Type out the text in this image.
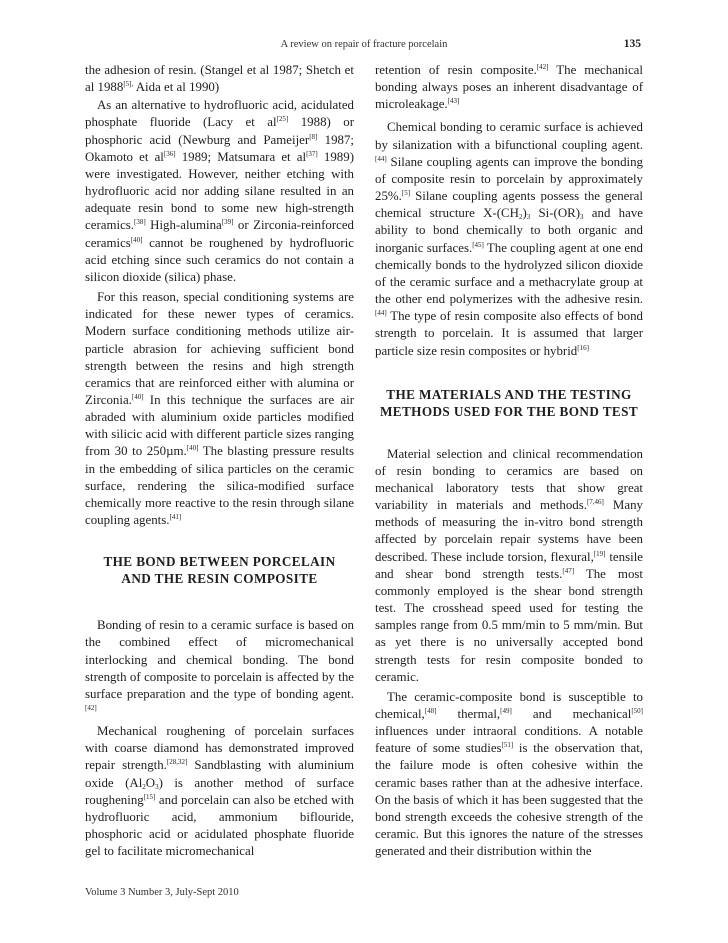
A review on repair of fracture porcelain	135

the adhesion of resin. (Stangel et al 1987; Shetch et al $1988^{[5],}$ Aida et al 1990)

As an alternative to hydrofluoric acid, acidulated phosphate fluoride (Lacy et al[25] 1988) or phosphoric acid (Newburg and Pameijer[8] 1987; Okamoto et al[36] 1989; Matsumara et al[37] 1989) were investigated. However, neither etching with hydrofluoric acid nor adding silane resulted in an adequate resin bond to some new high-strength ceramics.[38] High-alumina[39] or Zirconia-reinforced ceramics[40] cannot be roughened by hydrofluoric acid etching since such ceramics do not contain a silicon dioxide (silica) phase.

For this reason, special conditioning systems are indicated for these newer types of ceramics. Modern surface conditioning methods utilize air-particle abrasion for achieving sufficient bond strength between the resins and high strength ceramics that are reinforced either with alumina or Zirconia.[40] In this technique the surfaces are air abraded with aluminium oxide particles modified with silicic acid with different particle sizes ranging from 30 to 250µm.[40] The blasting pressure results in the embedding of silica particles on the ceramic surface, rendering the silica-modified surface chemically more reactive to the resin through silane coupling agents.[41]

THE BOND BETWEEN PORCELAIN

AND THE RESIN COMPOSITE

Bonding of resin to a ceramic surface is based on the combined effect of micromechanical interlocking and chemical bonding. The bond strength of composite to porcelain is affected by the surface preparation and the type of bonding agent.[42]

Mechanical roughening of porcelain surfaces with coarse diamond has demonstrated improved repair strength.[28,32] Sandblasting with aluminium oxide $(Al_2O_3)$ is another method of surface roughening[15] and porcelain can also be etched with hydrofluoric acid, ammonium biflouride, phosphoric acid or acidulated phosphate fluoride gel to facilitate micromechanical

retention of resin composite.[42] The mechanical bonding always poses an inherent disadvantage of microleakage.[43]

Chemical bonding to ceramic surface is achieved by silanization with a bifunctional coupling agent.[44] Silane coupling agents can improve the bonding of composite resin to porcelain by approximately 25%.[5] Silane coupling agents possess the general chemical structure $X-(CH_2)_3$ $Si-(OR)_3$ and have ability to bond chemically to both organic and inorganic surfaces.[45] The coupling agent at one end chemically bonds to the hydrolyzed silicon dioxide of the ceramic surface and a methacrylate group at the other end polymerizes with the adhesive resin.[44] The type of resin composite also effects of bond strength to porcelain. It is assumed that larger particle size resin composites or hybrid[16]

THE MATERIALS AND THE TESTING

METHODS USED FOR THE BOND TEST

Material selection and clinical recommendation of resin bonding to ceramics are based on mechanical laboratory tests that show great variability in materials and methods.[7,46] Many methods of measuring the in-vitro bond strength affected by porcelain repair systems have been described. These include torsion, flexural,[19] tensile and shear bond strength tests.[47] The most commonly employed is the shear bond strength test. The crosshead speed used for testing the samples range from 0.5 mm/min to 5 mm/min. But as yet there is no universally accepted bond strength tests for resin composite bonded to ceramic.

The ceramic-composite bond is susceptible to chemical,[48] thermal,[49] and mechanical[50] influences under intraoral conditions. A notable feature of some studies[51] is the observation that, the failure mode is often cohesive within the ceramic bases rather than at the adhesive interface. On the basis of which it has been suggested that the bond strength exceeds the cohesive strength of the ceramic. But this ignores the nature of the stresses generated and their distribution within the

Volume 3 Number 3, July-Sept 2010
